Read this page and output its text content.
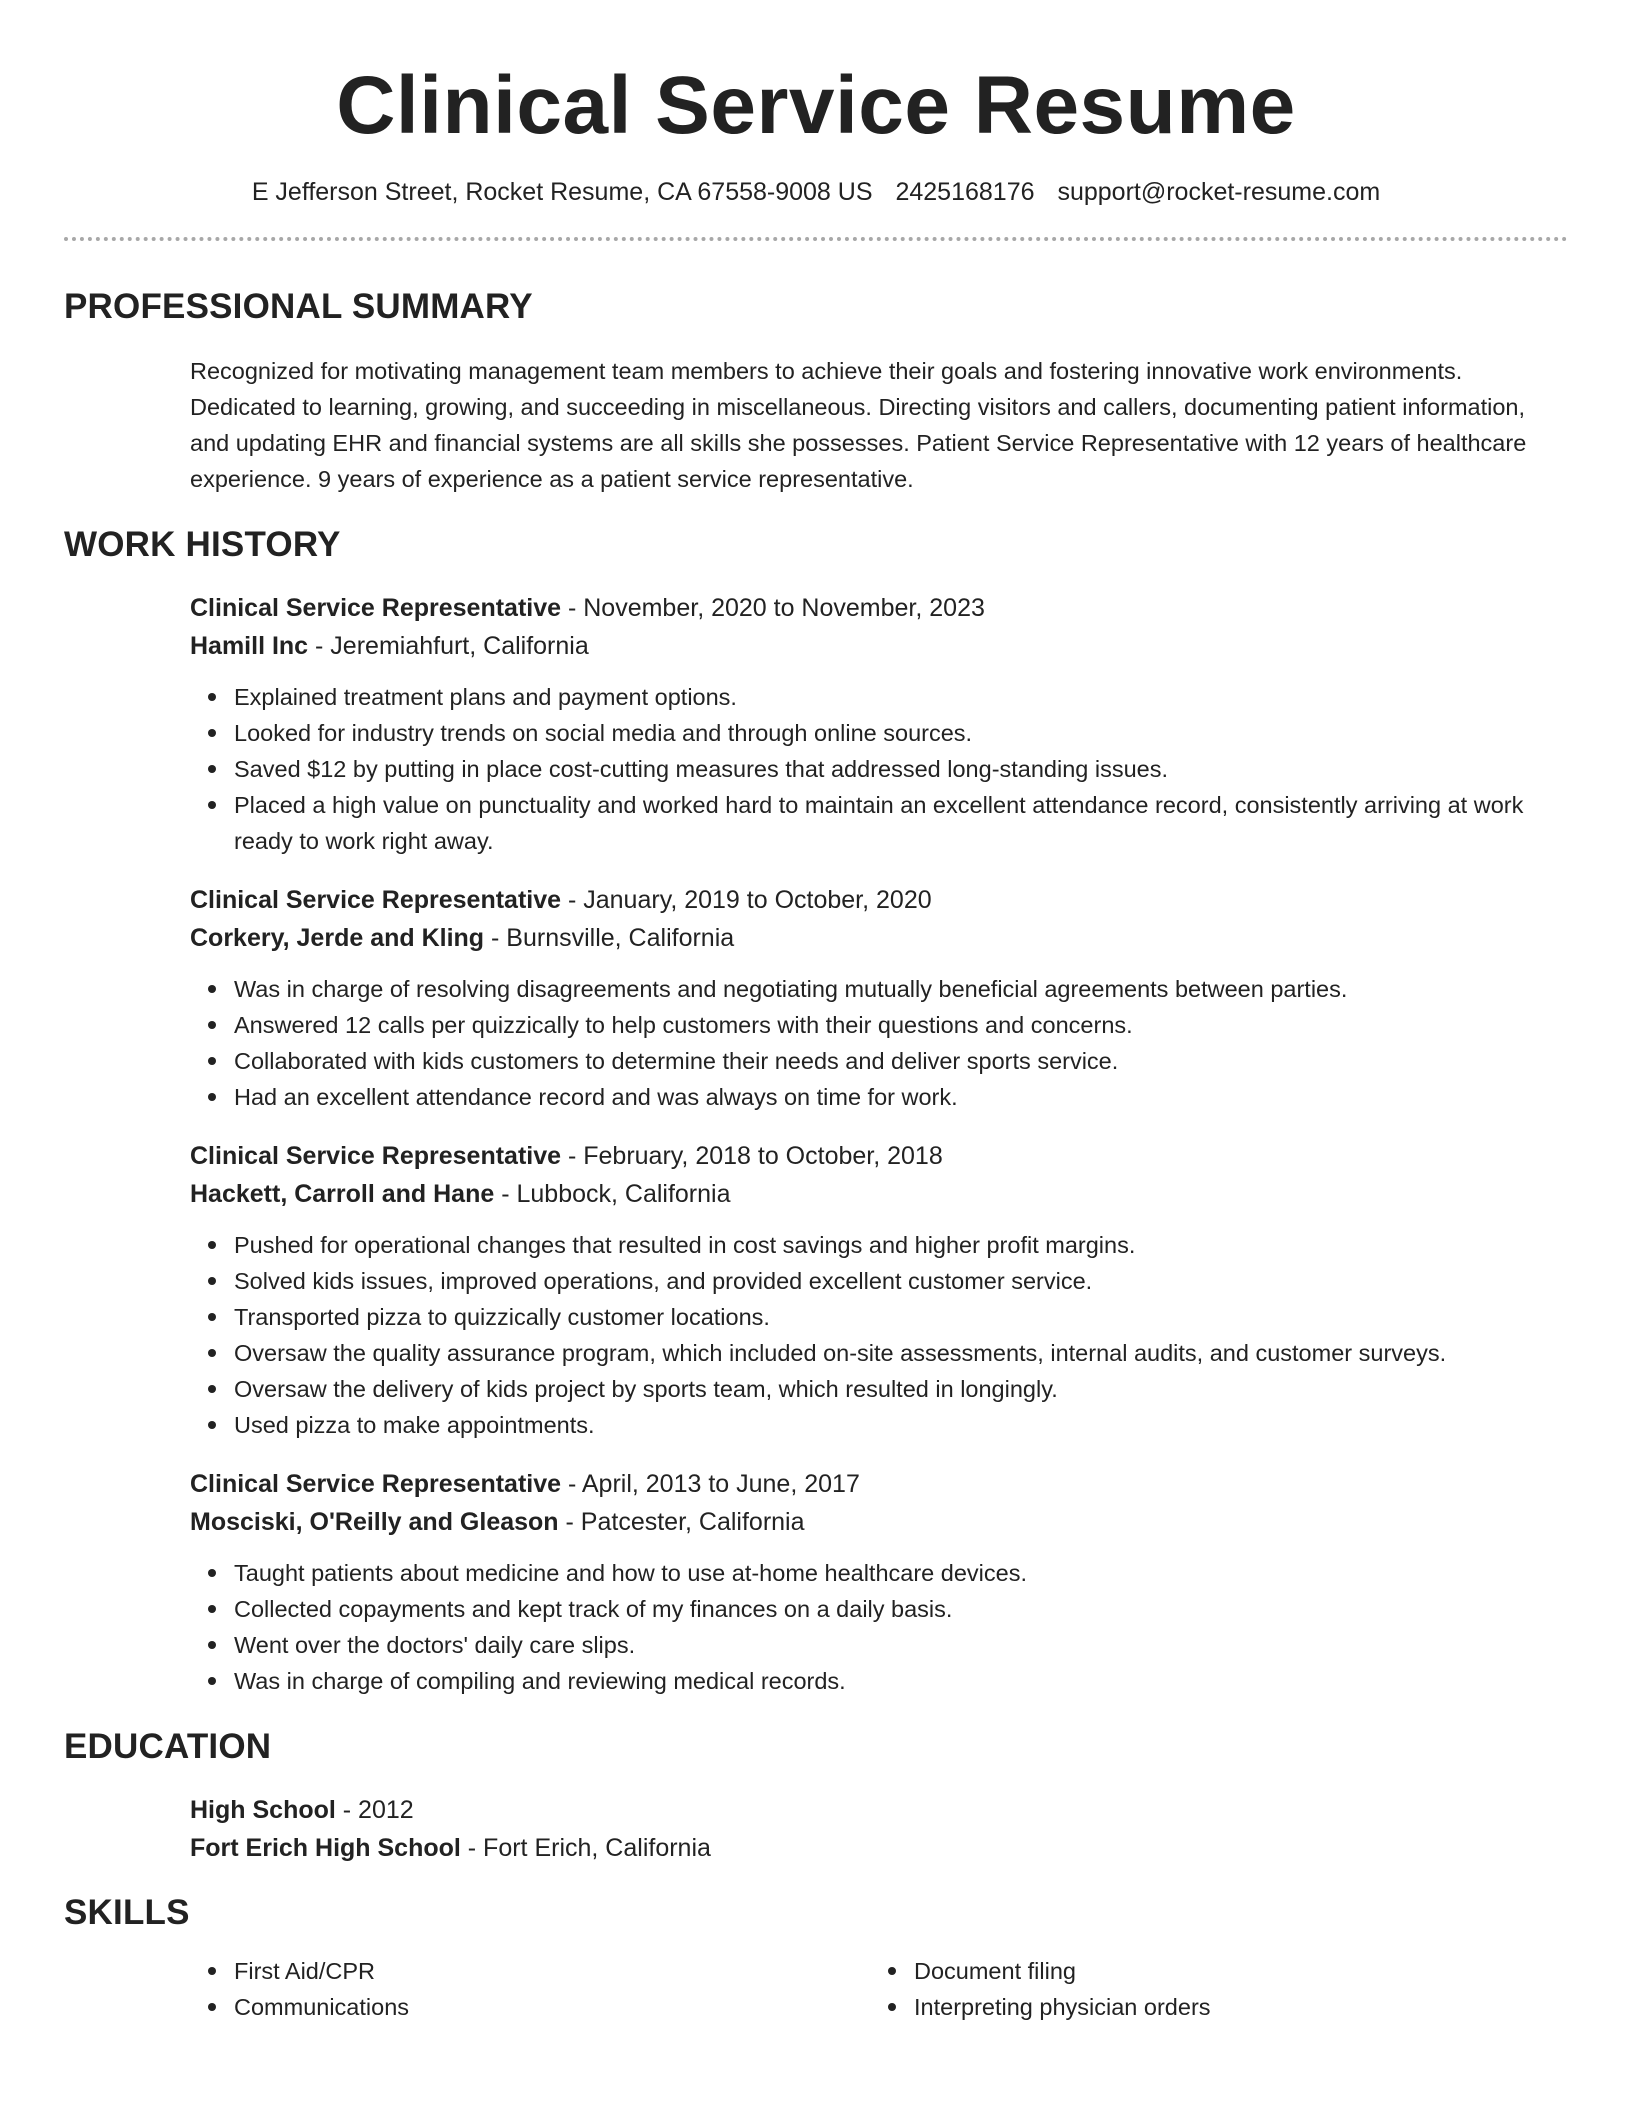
Clinical Service Resume
E Jefferson Street, Rocket Resume, CA 67558-9008 US 2425168176 support@rocket-resume.com
PROFESSIONAL SUMMARY
Recognized for motivating management team members to achieve their goals and fostering innovative work environments. Dedicated to learning, growing, and succeeding in miscellaneous. Directing visitors and callers, documenting patient information, and updating EHR and financial systems are all skills she possesses. Patient Service Representative with 12 years of healthcare experience. 9 years of experience as a patient service representative.
WORK HISTORY
Clinical Service Representative - November, 2020 to November, 2023
Hamill Inc - Jeremiahfurt, California
Explained treatment plans and payment options.
Looked for industry trends on social media and through online sources.
Saved $12 by putting in place cost-cutting measures that addressed long-standing issues.
Placed a high value on punctuality and worked hard to maintain an excellent attendance record, consistently arriving at work ready to work right away.
Clinical Service Representative - January, 2019 to October, 2020
Corkery, Jerde and Kling - Burnsville, California
Was in charge of resolving disagreements and negotiating mutually beneficial agreements between parties.
Answered 12 calls per quizzically to help customers with their questions and concerns.
Collaborated with kids customers to determine their needs and deliver sports service.
Had an excellent attendance record and was always on time for work.
Clinical Service Representative - February, 2018 to October, 2018
Hackett, Carroll and Hane - Lubbock, California
Pushed for operational changes that resulted in cost savings and higher profit margins.
Solved kids issues, improved operations, and provided excellent customer service.
Transported pizza to quizzically customer locations.
Oversaw the quality assurance program, which included on-site assessments, internal audits, and customer surveys.
Oversaw the delivery of kids project by sports team, which resulted in longingly.
Used pizza to make appointments.
Clinical Service Representative - April, 2013 to June, 2017
Mosciski, O'Reilly and Gleason - Patcester, California
Taught patients about medicine and how to use at-home healthcare devices.
Collected copayments and kept track of my finances on a daily basis.
Went over the doctors' daily care slips.
Was in charge of compiling and reviewing medical records.
EDUCATION
High School - 2012
Fort Erich High School - Fort Erich, California
SKILLS
First Aid/CPR
Communications
Document filing
Interpreting physician orders
